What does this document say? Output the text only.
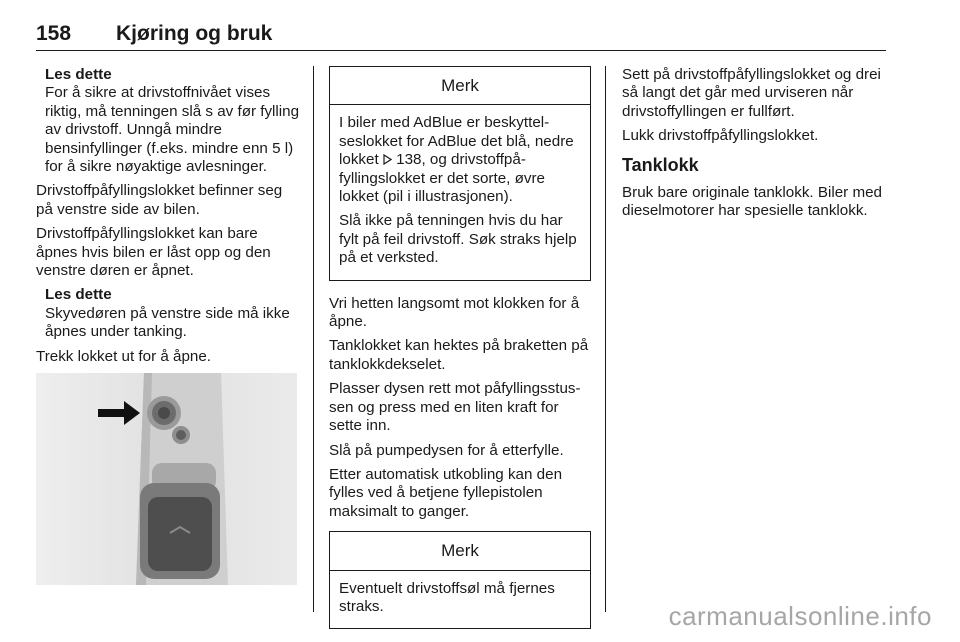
158 Kjøring og bruk
Les dette
For å sikre at drivstoffnivået vises riktig, må tenningen slå s av før fylling av drivstoff. Unngå mindre bensinfyllinger (f.eks. mindre enn 5 l) for å sikre nøyaktige avlesninger.

Drivstoffpåfyllingslokket befinner seg på venstre side av bilen.

Drivstoffpåfyllingslokket kan bare åpnes hvis bilen er låst opp og den venstre døren er åpnet.

Les dette
Skyvedøren på venstre side må ikke åpnes under tanking.

Trekk lokket ut for å åpne.

Merk

I biler med AdBlue er beskyttelseslokket for AdBlue det blå, nedre lokket  138, og drivstoffpåfyllingslokket er det sorte, øvre lokket (pil i illustrasjonen).

Slå ikke på tenningen hvis du har fylt på feil drivstoff. Søk straks hjelp på et verksted.

Vri hetten langsomt mot klokken for å åpne.

Tanklokket kan hektes på braketten på tanklokkdekselet.

Plasser dysen rett mot påfyllingsstussen og press med en liten kraft for sette inn.

Slå på pumpedysen for å etterfylle.

Etter automatisk utkobling kan den fylles ved å betjene fyllepistolen maksimalt to ganger.

Merk

Eventuelt drivstoffsøl må fjernes straks.

Sett på drivstoffpåfyllingslokket og drei så langt det går med urviseren når drivstoffyllingen er fullført.

Lukk drivstoffpåfyllingslokket.

Tanklokk

Bruk bare originale tanklokk. Biler med dieselmotorer har spesielle tanklokk.

carmanualsonline.info
